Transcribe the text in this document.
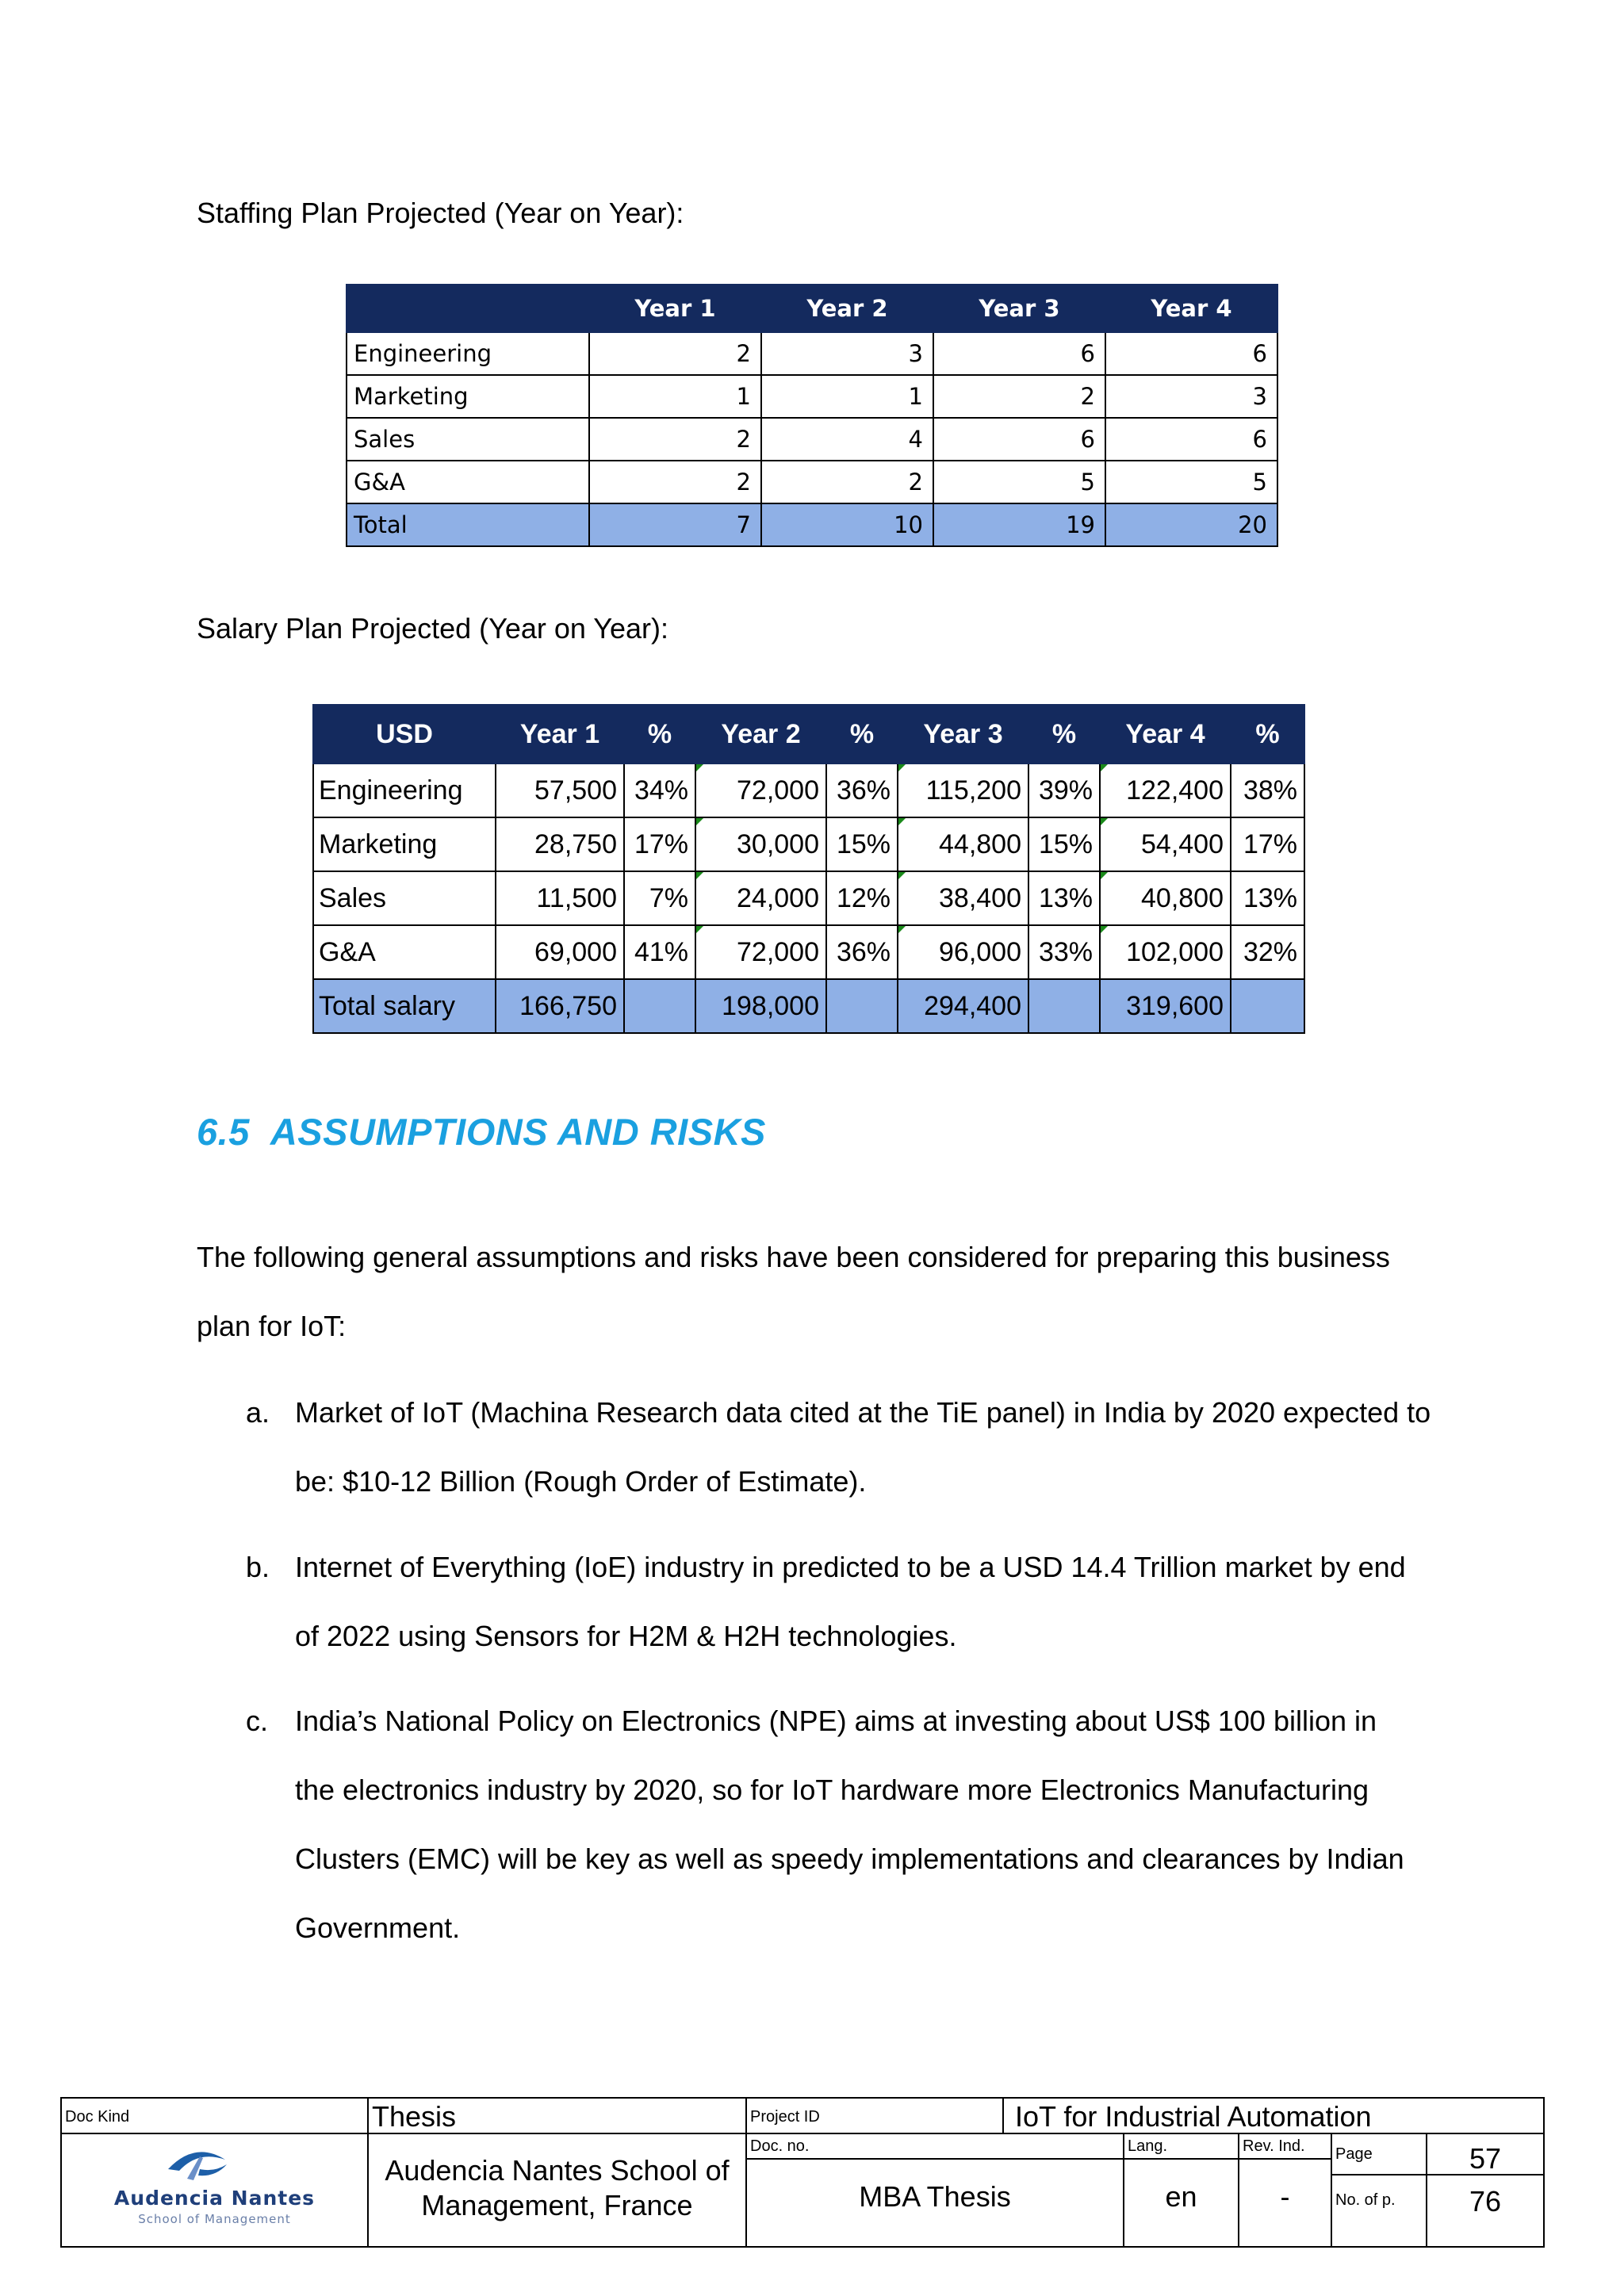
Staffing Plan Projected (Year on Year):
	Year 1	Year 2	Year 3	Year 4
Engineering	2	3	6	6
Marketing	1	1	2	3
Sales	2	4	6	6
G&A	2	2	5	5
Total	7	10	19	20
Salary Plan Projected (Year on Year):
USD	Year 1	%	Year 2	%	Year 3	%	Year 4	%
Engineering	57,500	34%	72,000	36%	115,200	39%	122,400	38%
Marketing	28,750	17%	30,000	15%	44,800	15%	54,400	17%
Sales	11,500	7%	24,000	12%	38,400	13%	40,800	13%
G&A	69,000	41%	72,000	36%	96,000	33%	102,000	32%
Total salary	166,750		198,000		294,400		319,600	
6.5 ASSUMPTIONS AND RISKS
The following general assumptions and risks have been considered for preparing this business plan for IoT:
a. Market of IoT (Machina Research data cited at the TiE panel) in India by 2020 expected to be: $10-12 Billion (Rough Order of Estimate).
b. Internet of Everything (IoE) industry in predicted to be a USD 14.4 Trillion market by end of 2022 using Sensors for H2M & H2H technologies.
c. India’s National Policy on Electronics (NPE) aims at investing about US$ 100 billion in the electronics industry by 2020, so for IoT hardware more Electronics Manufacturing Clusters (EMC) will be key as well as speedy implementations and clearances by Indian Government.
Doc Kind	Thesis	Project ID	IoT for Industrial Automation
Audencia Nantes
School of Management
Audencia Nantes School of Management, France
Doc. no.
MBA Thesis
Lang.
en
Rev. Ind.
-
Page	57
No. of p.	76
